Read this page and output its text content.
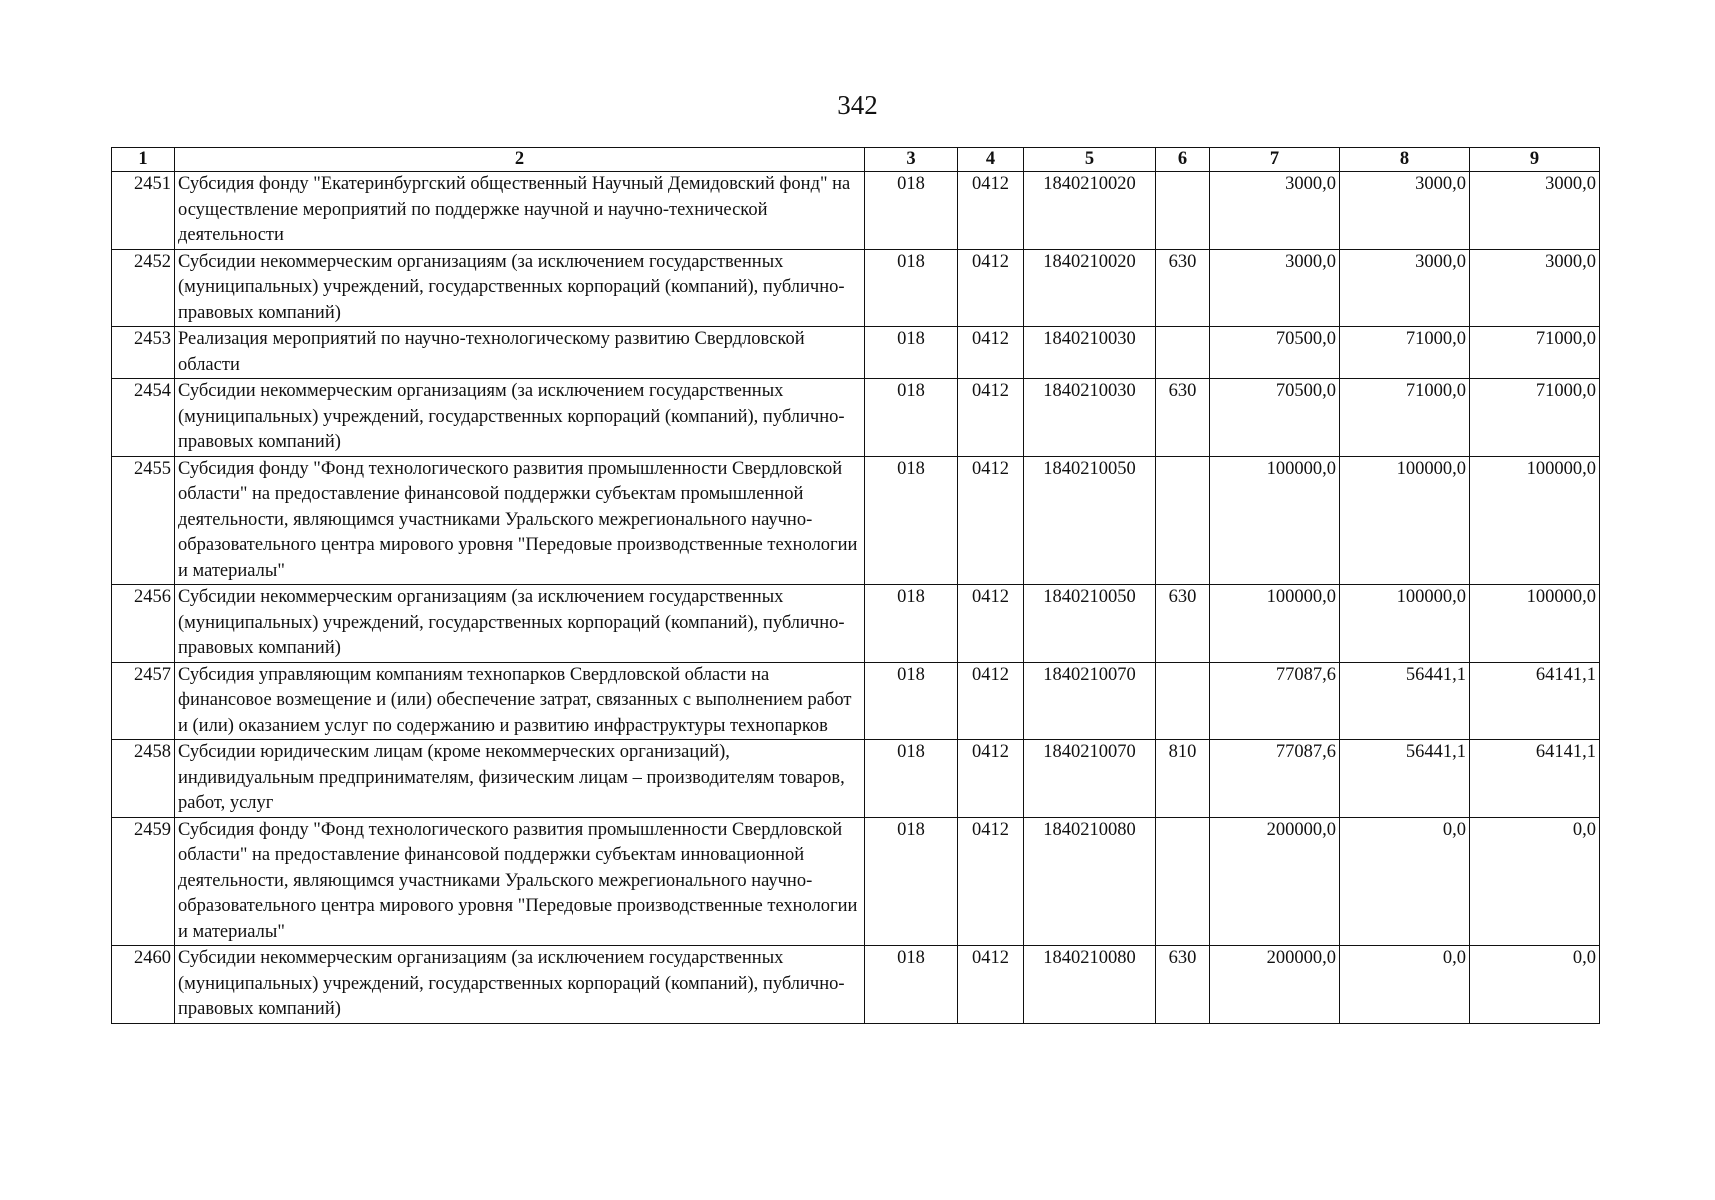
342
1	2	3	4	5	6	7	8	9
2451	Субсидия фонду "Екатеринбургский общественный Научный Демидовский фонд" на осуществление мероприятий по поддержке научной и научно-технической деятельности	018	0412	1840210020		3000,0	3000,0	3000,0
2452	Субсидии некоммерческим организациям (за исключением государственных (муниципальных) учреждений, государственных корпораций (компаний), публично-правовых компаний)	018	0412	1840210020	630	3000,0	3000,0	3000,0
2453	Реализация мероприятий по научно-технологическому развитию Свердловской области	018	0412	1840210030		70500,0	71000,0	71000,0
2454	Субсидии некоммерческим организациям (за исключением государственных (муниципальных) учреждений, государственных корпораций (компаний), публично-правовых компаний)	018	0412	1840210030	630	70500,0	71000,0	71000,0
2455	Субсидия фонду "Фонд технологического развития промышленности Свердловской области" на предоставление финансовой поддержки субъектам промышленной деятельности, являющимся участниками Уральского межрегионального научно-образовательного центра мирового уровня "Передовые производственные технологии и материалы"	018	0412	1840210050		100000,0	100000,0	100000,0
2456	Субсидии некоммерческим организациям (за исключением государственных (муниципальных) учреждений, государственных корпораций (компаний), публично-правовых компаний)	018	0412	1840210050	630	100000,0	100000,0	100000,0
2457	Субсидия управляющим компаниям технопарков Свердловской области на финансовое возмещение и (или) обеспечение затрат, связанных с выполнением работ и (или) оказанием услуг по содержанию и развитию инфраструктуры технопарков	018	0412	1840210070		77087,6	56441,1	64141,1
2458	Субсидии юридическим лицам (кроме некоммерческих организаций), индивидуальным предпринимателям, физическим лицам – производителям товаров, работ, услуг	018	0412	1840210070	810	77087,6	56441,1	64141,1
2459	Субсидия фонду "Фонд технологического развития промышленности Свердловской области" на предоставление финансовой поддержки субъектам инновационной деятельности, являющимся участниками Уральского межрегионального научно-образовательного центра мирового уровня "Передовые производственные технологии и материалы"	018	0412	1840210080		200000,0	0,0	0,0
2460	Субсидии некоммерческим организациям (за исключением государственных (муниципальных) учреждений, государственных корпораций (компаний), публично-правовых компаний)	018	0412	1840210080	630	200000,0	0,0	0,0
